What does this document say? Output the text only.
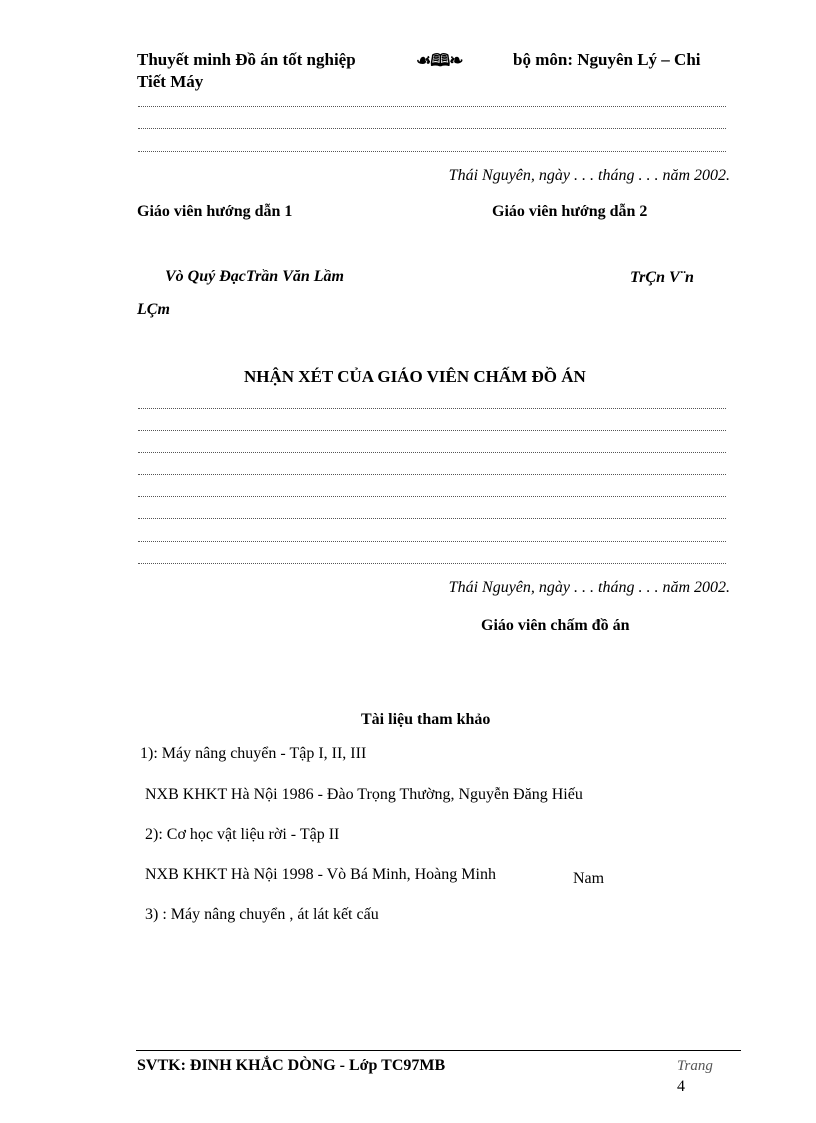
Thuyết minh Đồ án tốt nghiệp	☙🕮❧	bộ môn: Nguyên Lý – Chi
Tiết Máy
Thái Nguyên, ngày . . . tháng . . . năm 2002.
Giáo viên hướng dẫn 1	Giáo viên hướng dẫn 2
Vò Quý ĐạcTrần Văn Lầm	TrÇn V¨n
LÇm
NHẬN XÉT CỦA GIÁO VIÊN CHẤM ĐỒ ÁN
Thái Nguyên, ngày . . . tháng . . . năm 2002.
Giáo viên chấm đồ án
Tài liệu tham khảo
1): Máy nâng chuyển - Tập I, II, III
NXB KHKT Hà Nội 1986 - Đào Trọng Thường, Nguyễn Đăng Hiếu
2): Cơ học vật liệu rời - Tập II
NXB KHKT Hà Nội 1998 - Vò Bá Minh, Hoàng Minh	Nam
3) : Máy nâng chuyển , át lát kết cấu
SVTK: ĐINH KHẮC DÒNG - Lớp TC97MB	Trang
4
